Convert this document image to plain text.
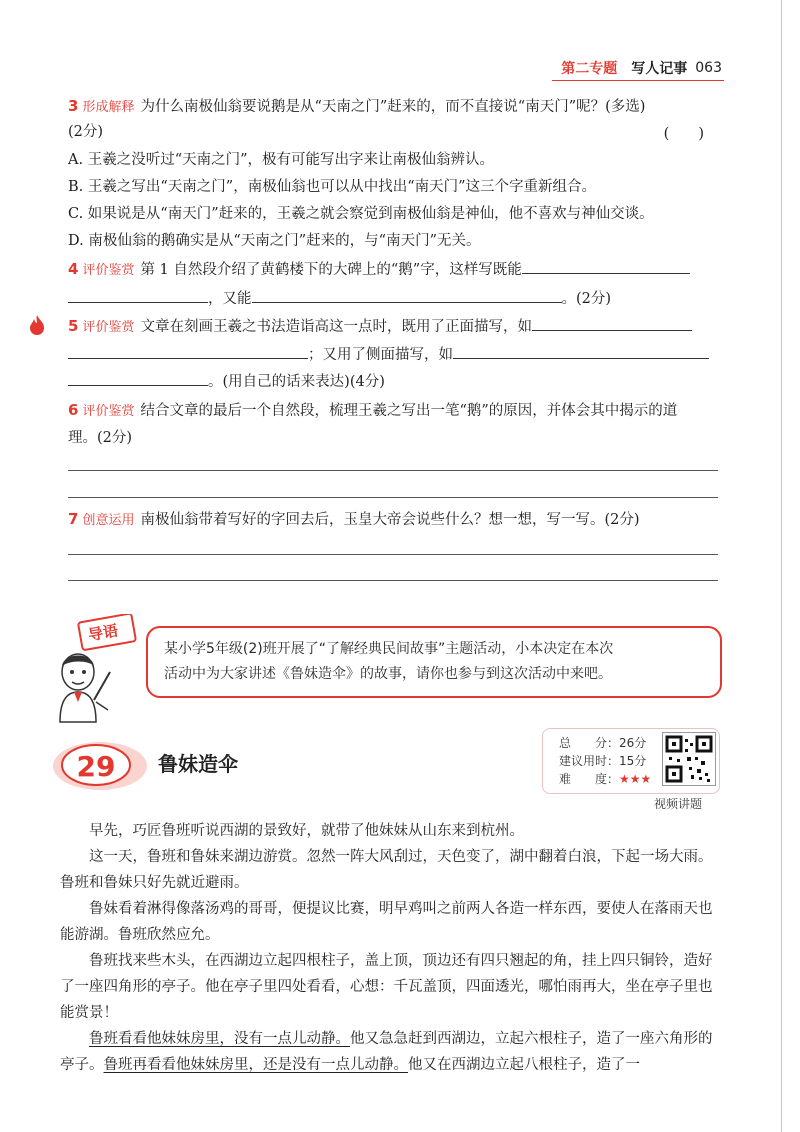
第二专题 写人记事 063
3 形成解释 为什么南极仙翁要说鹅是从“天南之门”赶来的，而不直接说“南天门”呢？(多选)
(2分)	(　　)
A. 王羲之没听过“天南之门”，极有可能写出字来让南极仙翁辨认。
B. 王羲之写出“天南之门”，南极仙翁也可以从中找出“南天门”这三个字重新组合。
C. 如果说是从“南天门”赶来的，王羲之就会察觉到南极仙翁是神仙，他不喜欢与神仙交谈。
D. 南极仙翁的鹅确实是从“天南之门”赶来的，与“南天门”无关。
4 评价鉴赏 第 1 自然段介绍了黄鹤楼下的大碑上的“鹅”字，这样写既能
，又能	。(2分)
5 评价鉴赏 文章在刻画王羲之书法造诣高这一点时，既用了正面描写，如
；又用了侧面描写，如
。(用自己的话来表达)(4分)
6 评价鉴赏 结合文章的最后一个自然段，梳理王羲之写出一笔“鹅”的原因，并体会其中揭示的道
理。(2分)
7 创意运用 南极仙翁带着写好的字回去后，玉皇大帝会说些什么？想一想，写一写。(2分)
导语

某小学5年级(2)班开展了“了解经典民间故事”主题活动，小本决定在本次

活动中为大家讲述《鲁妹造伞》的故事，请你也参与到这次活动中来吧。

29 鲁妹造伞
总　　分：26分
建议用时：15分
难　　度：★★★
视频讲题

早先，巧匠鲁班听说西湖的景致好，就带了他妹妹从山东来到杭州。

这一天，鲁班和鲁妹来湖边游赏。忽然一阵大风刮过，天色变了，湖中翻着白浪，下起一场大雨。鲁班和鲁妹只好先就近避雨。

鲁妹看着淋得像落汤鸡的哥哥，便提议比赛，明早鸡叫之前两人各造一样东西，要使人在落雨天也能游湖。鲁班欣然应允。

鲁班找来些木头，在西湖边立起四根柱子，盖上顶，顶边还有四只翘起的角，挂上四只铜铃，造好了一座四角形的亭子。他在亭子里四处看看，心想：千瓦盖顶，四面透光，哪怕雨再大，坐在亭子里也能赏景！

鲁班看看他妹妹房里，没有一点儿动静。他又急急赶到西湖边，立起六根柱子，造了一座六角形的亭子。鲁班再看看他妹妹房里，还是没有一点儿动静。他又在西湖边立起八根柱子，造了一
